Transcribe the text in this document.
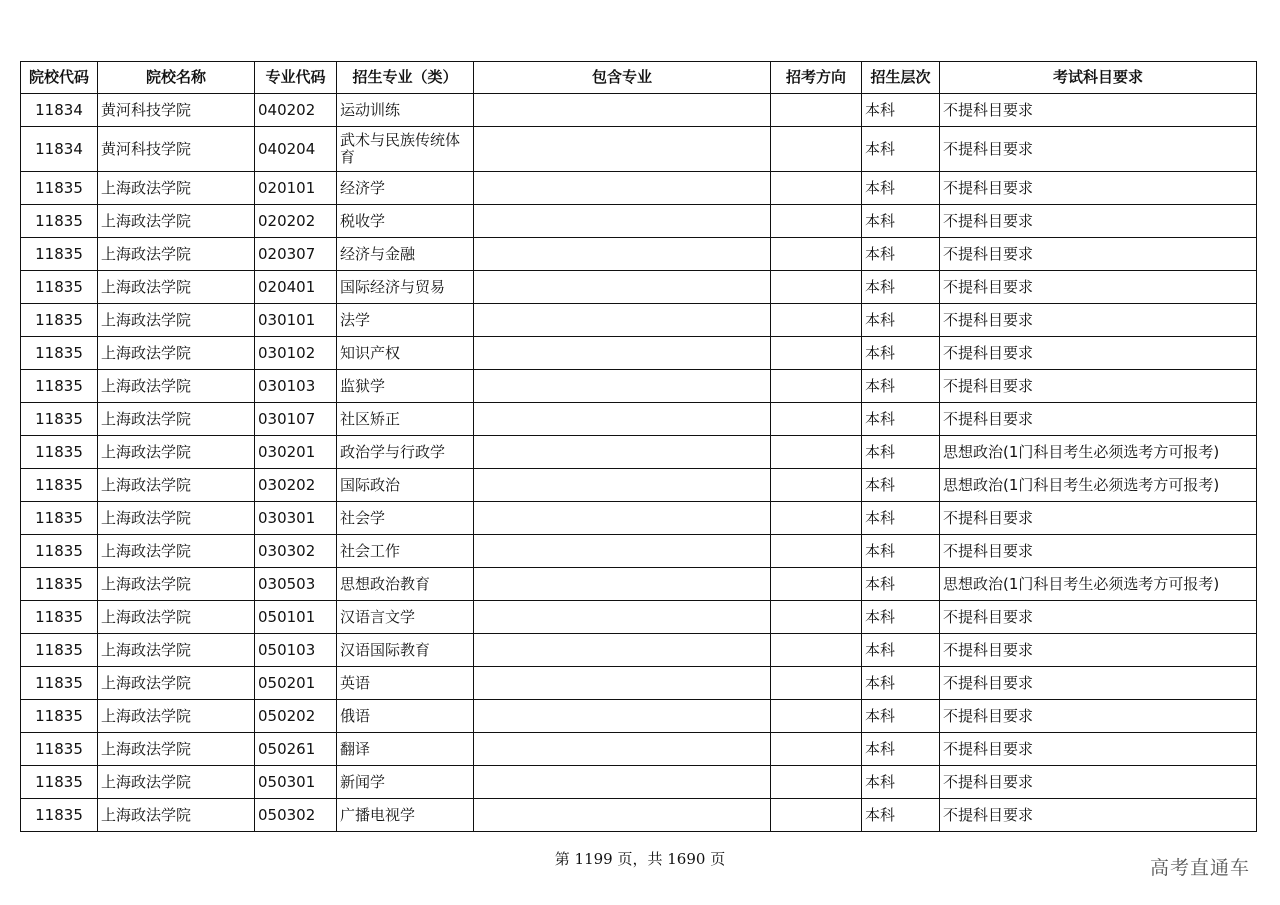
院校代码	院校名称	专业代码	招生专业（类）	包含专业	招考方向	招生层次	考试科目要求
11834	黄河科技学院	040202	运动训练			本科	不提科目要求
11834	黄河科技学院	040204	武术与民族传统体育			本科	不提科目要求
11835	上海政法学院	020101	经济学			本科	不提科目要求
11835	上海政法学院	020202	税收学			本科	不提科目要求
11835	上海政法学院	020307	经济与金融			本科	不提科目要求
11835	上海政法学院	020401	国际经济与贸易			本科	不提科目要求
11835	上海政法学院	030101	法学			本科	不提科目要求
11835	上海政法学院	030102	知识产权			本科	不提科目要求
11835	上海政法学院	030103	监狱学			本科	不提科目要求
11835	上海政法学院	030107	社区矫正			本科	不提科目要求
11835	上海政法学院	030201	政治学与行政学			本科	思想政治(1门科目考生必须选考方可报考)
11835	上海政法学院	030202	国际政治			本科	思想政治(1门科目考生必须选考方可报考)
11835	上海政法学院	030301	社会学			本科	不提科目要求
11835	上海政法学院	030302	社会工作			本科	不提科目要求
11835	上海政法学院	030503	思想政治教育			本科	思想政治(1门科目考生必须选考方可报考)
11835	上海政法学院	050101	汉语言文学			本科	不提科目要求
11835	上海政法学院	050103	汉语国际教育			本科	不提科目要求
11835	上海政法学院	050201	英语			本科	不提科目要求
11835	上海政法学院	050202	俄语			本科	不提科目要求
11835	上海政法学院	050261	翻译			本科	不提科目要求
11835	上海政法学院	050301	新闻学			本科	不提科目要求
11835	上海政法学院	050302	广播电视学			本科	不提科目要求
第 1199 页，共 1690 页	高考直通车
